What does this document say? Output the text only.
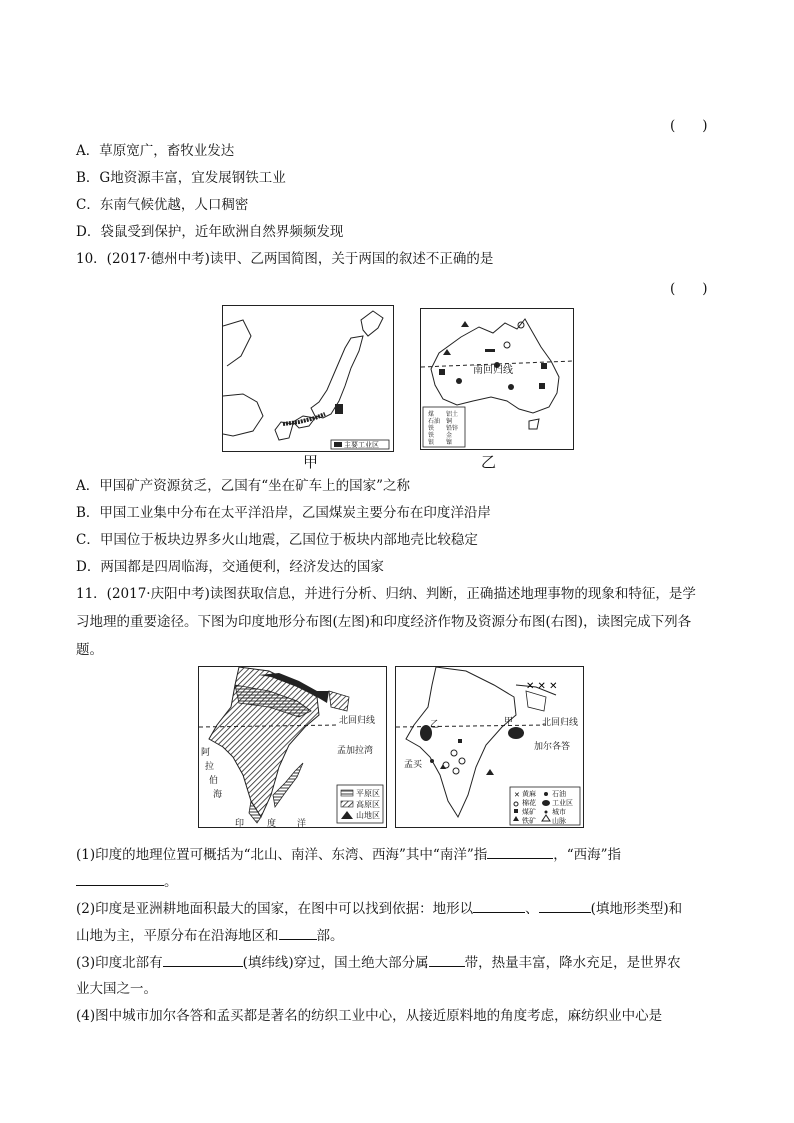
(　　)
A．草原宽广，畜牧业发达
B．G地资源丰富，宜发展钢铁工业
C．东南气候优越，人口稠密
D．袋鼠受到保护，近年欧洲自然界频频发现
10．(2017·德州中考)读甲、乙两国简图，关于两国的叙述不正确的是
(　　)
主要工业区
甲
南回归线
煤
石油
铁
铁
银
铝土
铜
铅锌
金
镍
乙
A．甲国矿产资源贫乏，乙国有“坐在矿车上的国家”之称
B．甲国工业集中分布在太平洋沿岸，乙国煤炭主要分布在印度洋沿岸
C．甲国位于板块边界多火山地震，乙国位于板块内部地壳比较稳定
D．两国都是四周临海，交通便利，经济发达的国家
11．(2017·庆阳中考)读图获取信息，并进行分析、归纳、判断，正确描述地理事物的现象和特征，是学
习地理的重要途径。下图为印度地形分布图(左图)和印度经济作物及资源分布图(右图)，读图完成下列各
题。
北回归线
孟加拉湾
阿
拉
伯
海
印	度 洋
平原区
高原区
山地区
✕ ✕ ✕
✕
北回归线
甲
乙
加尔各答
孟买
黄麻 石油
棉花 工业区
煤矿 城市
铁矿 山脉
(1)印度的地理位置可概括为“北山、南洋、东湾、西海”其中“南洋”指	，“西海”指
。
(2)印度是亚洲耕地面积最大的国家，在图中可以找到依据：地形以	、	(填地形类型)和
山地为主，平原分布在沿海地区和	部。
(3)印度北部有	(填纬线)穿过，国土绝大部分属	带，热量丰富，降水充足，是世界农
业大国之一。
(4)图中城市加尔各答和孟买都是著名的纺织工业中心，从接近原料地的角度考虑，麻纺织业中心是
